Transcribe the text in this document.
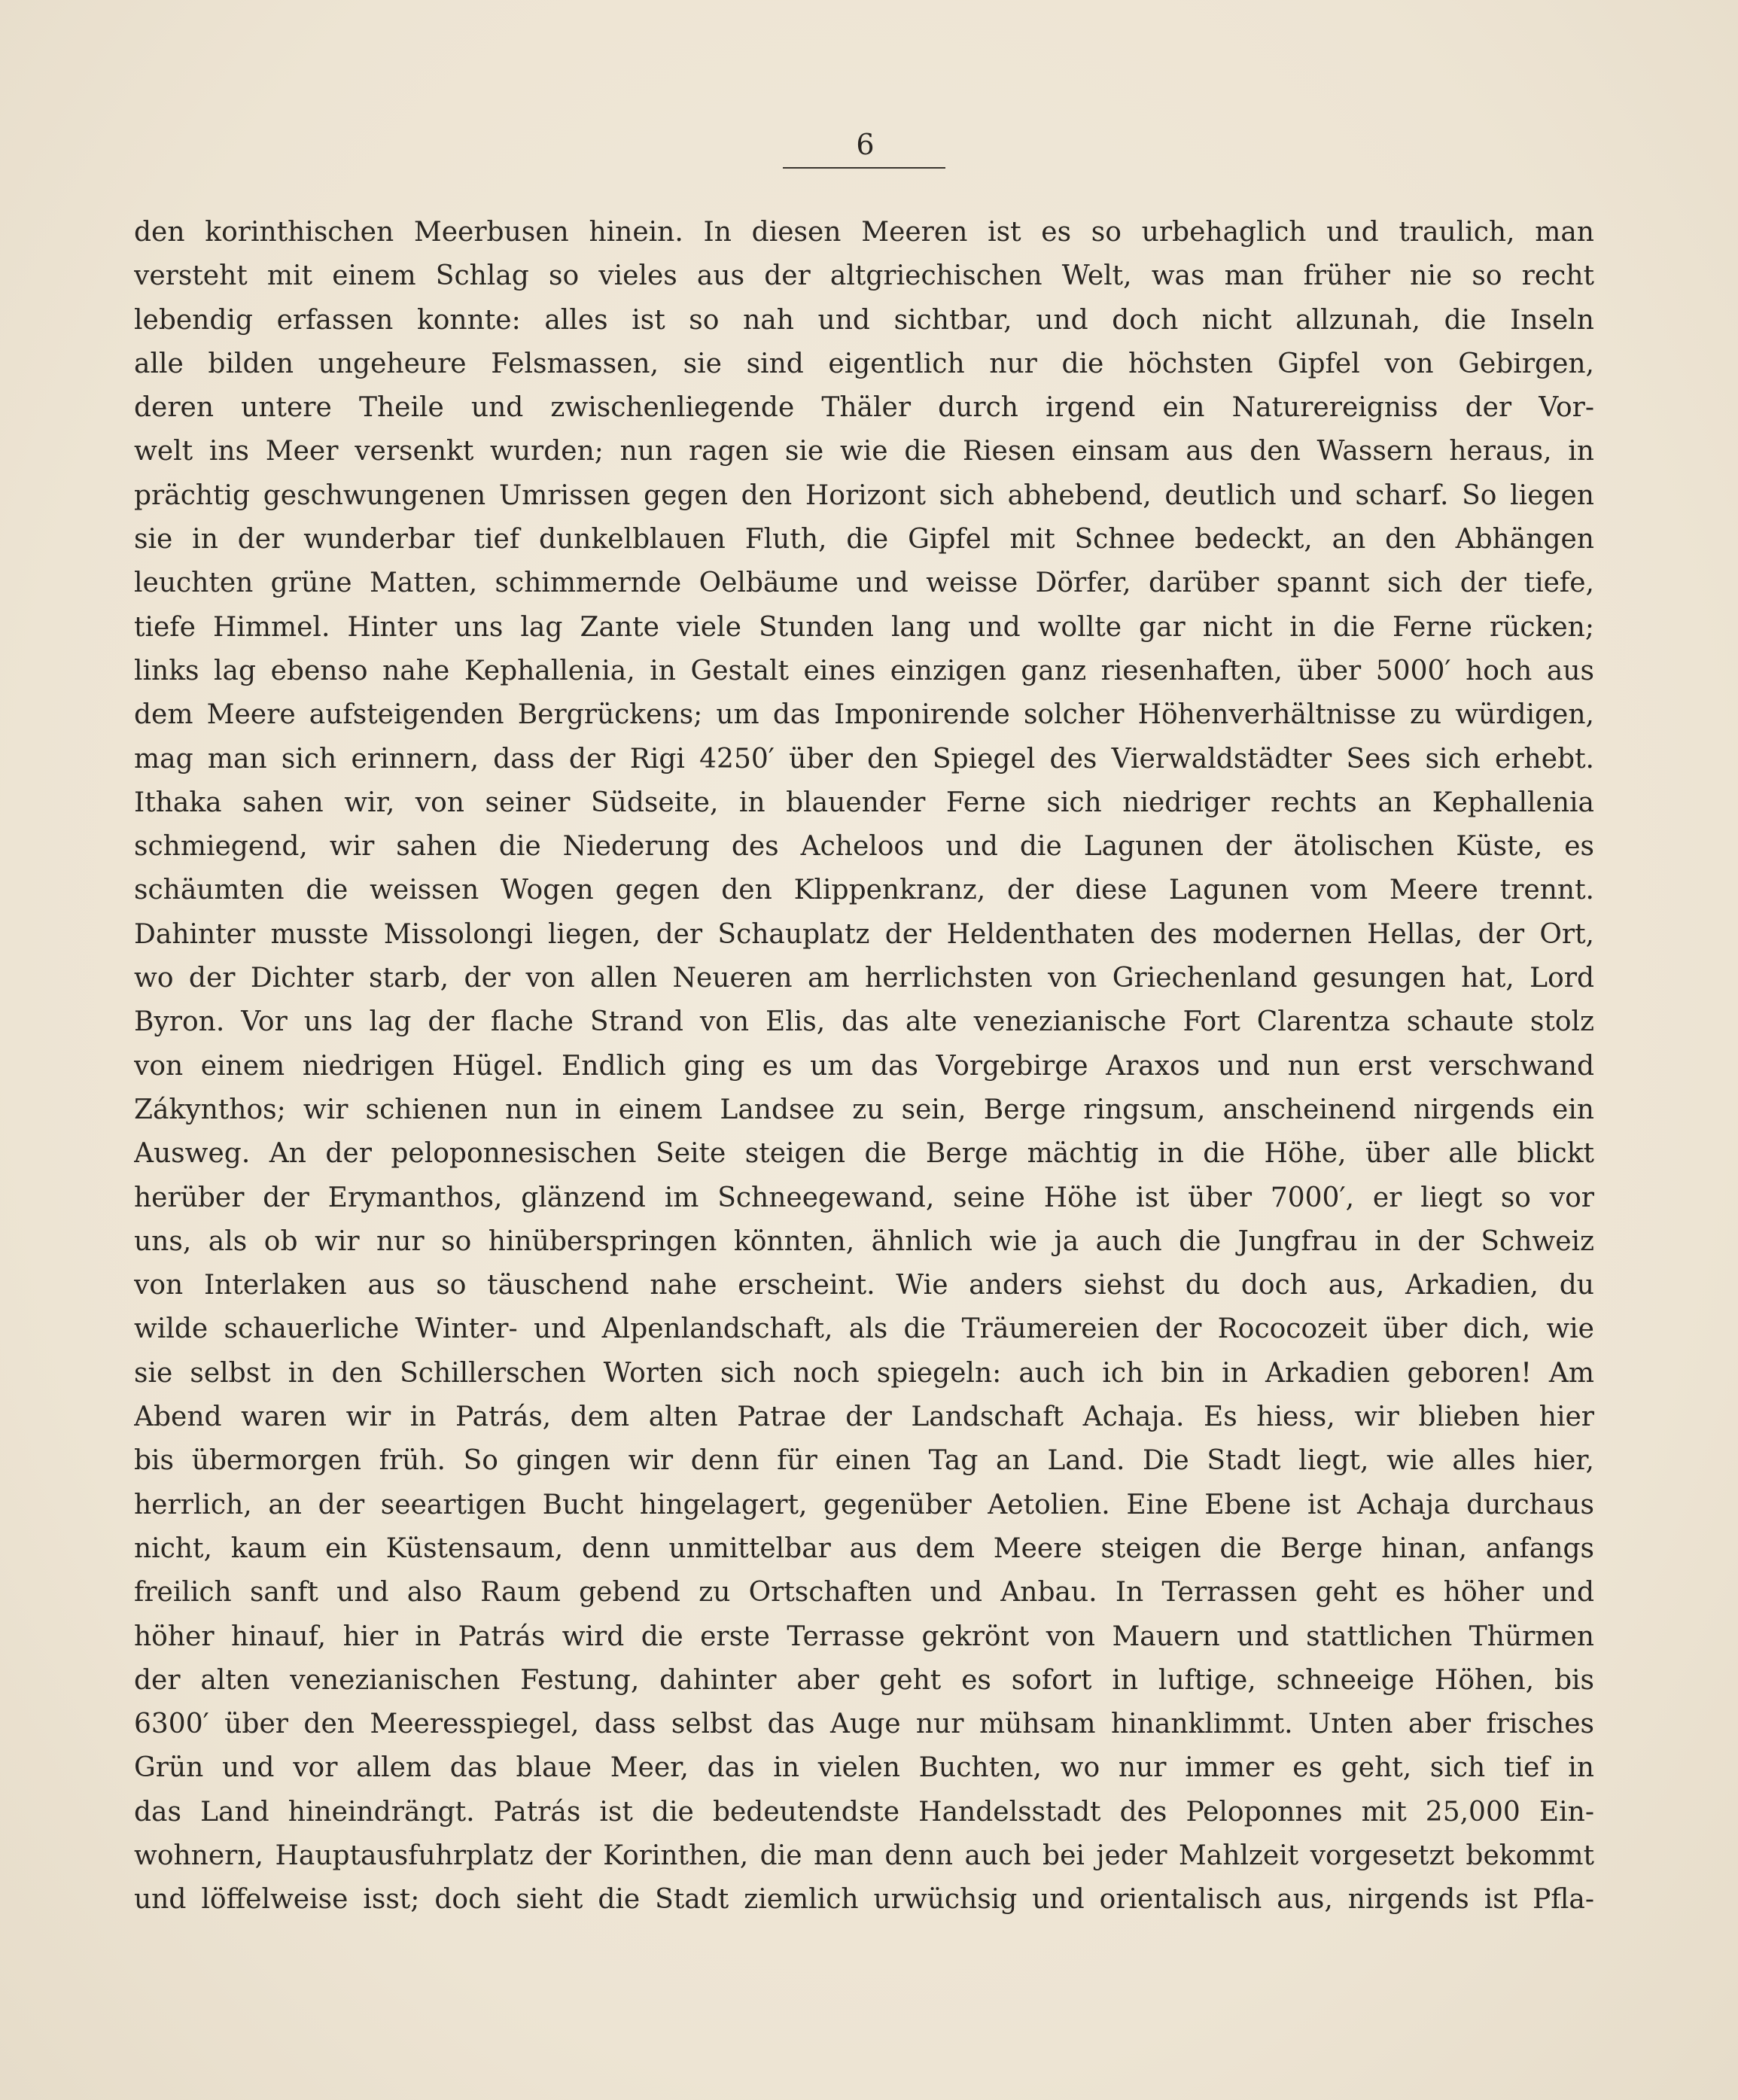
6
den korinthischen Meerbusen hinein. In diesen Meeren ist es so urbehaglich und traulich, man
versteht mit einem Schlag so vieles aus der altgriechischen Welt, was man früher nie so recht
lebendig erfassen konnte: alles ist so nah und sichtbar, und doch nicht allzunah, die Inseln
alle bilden ungeheure Felsmassen, sie sind eigentlich nur die höchsten Gipfel von Gebirgen,
deren untere Theile und zwischenliegende Thäler durch irgend ein Naturereigniss der Vor-
welt ins Meer versenkt wurden; nun ragen sie wie die Riesen einsam aus den Wassern heraus, in
prächtig geschwungenen Umrissen gegen den Horizont sich abhebend, deutlich und scharf. So liegen
sie in der wunderbar tief dunkelblauen Fluth, die Gipfel mit Schnee bedeckt, an den Abhängen
leuchten grüne Matten, schimmernde Oelbäume und weisse Dörfer, darüber spannt sich der tiefe,
tiefe Himmel. Hinter uns lag Zante viele Stunden lang und wollte gar nicht in die Ferne rücken;
links lag ebenso nahe Kephallenia, in Gestalt eines einzigen ganz riesenhaften, über 5000′ hoch aus
dem Meere aufsteigenden Bergrückens; um das Imponirende solcher Höhenverhältnisse zu würdigen,
mag man sich erinnern, dass der Rigi 4250′ über den Spiegel des Vierwaldstädter Sees sich erhebt.
Ithaka sahen wir, von seiner Südseite, in blauender Ferne sich niedriger rechts an Kephallenia
schmiegend, wir sahen die Niederung des Acheloos und die Lagunen der ätolischen Küste, es
schäumten die weissen Wogen gegen den Klippenkranz, der diese Lagunen vom Meere trennt.
Dahinter musste Missolongi liegen, der Schauplatz der Heldenthaten des modernen Hellas, der Ort,
wo der Dichter starb, der von allen Neueren am herrlichsten von Griechenland gesungen hat, Lord
Byron. Vor uns lag der flache Strand von Elis, das alte venezianische Fort Clarentza schaute stolz
von einem niedrigen Hügel. Endlich ging es um das Vorgebirge Araxos und nun erst verschwand
Zákynthos; wir schienen nun in einem Landsee zu sein, Berge ringsum, anscheinend nirgends ein
Ausweg. An der peloponnesischen Seite steigen die Berge mächtig in die Höhe, über alle blickt
herüber der Erymanthos, glänzend im Schneegewand, seine Höhe ist über 7000′, er liegt so vor
uns, als ob wir nur so hinüberspringen könnten, ähnlich wie ja auch die Jungfrau in der Schweiz
von Interlaken aus so täuschend nahe erscheint. Wie anders siehst du doch aus, Arkadien, du
wilde schauerliche Winter- und Alpenlandschaft, als die Träumereien der Rococozeit über dich, wie
sie selbst in den Schillerschen Worten sich noch spiegeln: auch ich bin in Arkadien geboren! Am
Abend waren wir in Patrás, dem alten Patrae der Landschaft Achaja. Es hiess, wir blieben hier
bis übermorgen früh. So gingen wir denn für einen Tag an Land. Die Stadt liegt, wie alles hier,
herrlich, an der seeartigen Bucht hingelagert, gegenüber Aetolien. Eine Ebene ist Achaja durchaus
nicht, kaum ein Küstensaum, denn unmittelbar aus dem Meere steigen die Berge hinan, anfangs
freilich sanft und also Raum gebend zu Ortschaften und Anbau. In Terrassen geht es höher und
höher hinauf, hier in Patrás wird die erste Terrasse gekrönt von Mauern und stattlichen Thürmen
der alten venezianischen Festung, dahinter aber geht es sofort in luftige, schneeige Höhen, bis
6300′ über den Meeresspiegel, dass selbst das Auge nur mühsam hinanklimmt. Unten aber frisches
Grün und vor allem das blaue Meer, das in vielen Buchten, wo nur immer es geht, sich tief in
das Land hineindrängt. Patrás ist die bedeutendste Handelsstadt des Peloponnes mit 25,000 Ein-
wohnern, Hauptausfuhrplatz der Korinthen, die man denn auch bei jeder Mahlzeit vorgesetzt bekommt
und löffelweise isst; doch sieht die Stadt ziemlich urwüchsig und orientalisch aus, nirgends ist Pfla-
